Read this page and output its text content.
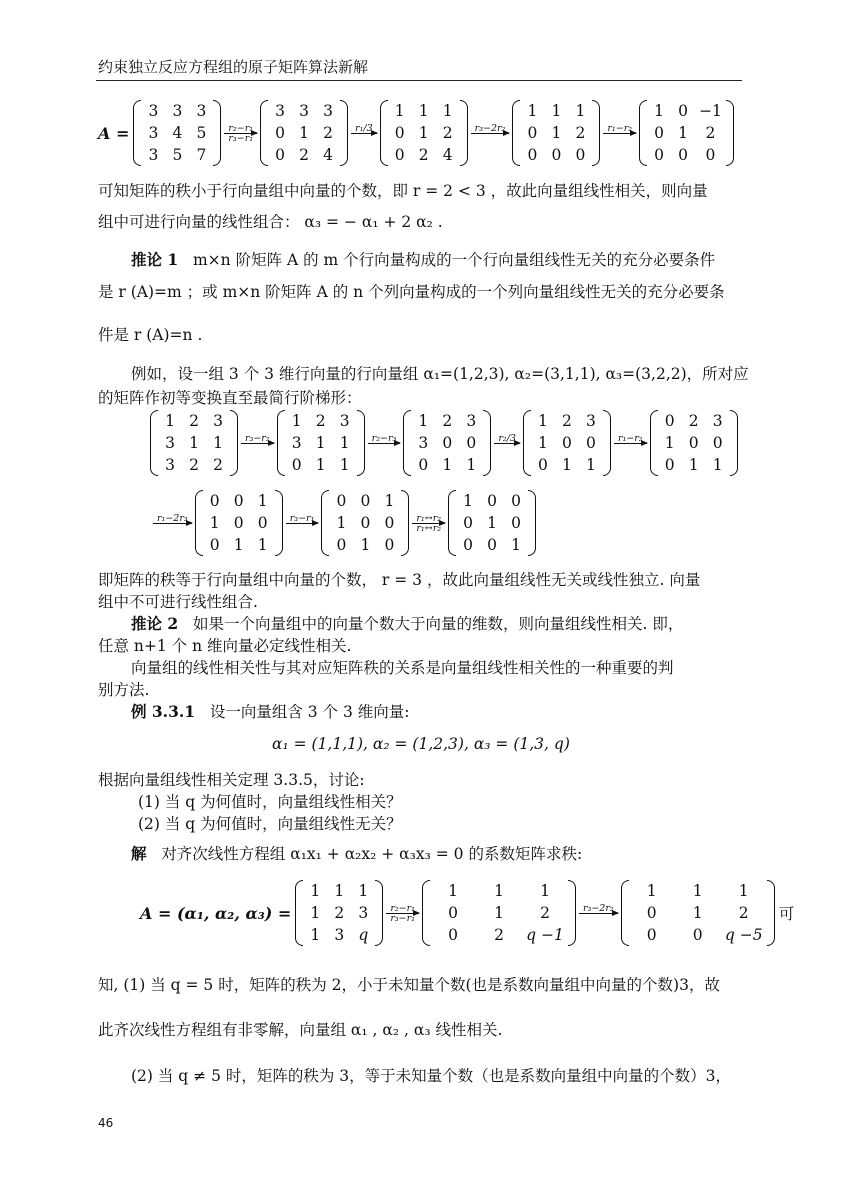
约束独立反应方程组的原子矩阵算法新解
A =
3	3	3
3	4	5
3	5	7
r₂−r₁
r₃−r₁
3	3	3
0	1	2
0	2	4
r₁/3

1	1	1
0	1	2
0	2	4
r₃−2r₂

1	1	1
0	1	2
0	0	0
r₁−r₂

1	0	−1
0	1	2
0	0	0
可知矩阵的秩小于行向量组中向量的个数，即 r = 2 < 3 ，故此向量组线性相关，则向量
组中可进行向量的线性组合： α₃ = − α₁ + 2 α₂ .
推论 1 m×n 阶矩阵 A 的 m 个行向量构成的一个行向量组线性无关的充分必要条件
是 r (A)=m ；或 m×n 阶矩阵 A 的 n 个列向量构成的一个列向量组线性无关的充分必要条
件是 r (A)=n .
例如，设一组 3 个 3 维行向量的行向量组 α₁=(1,2,3), α₂=(3,1,1), α₃=(3,2,2)，所对应
的矩阵作初等变换直至最简行阶梯形：
1	2	3
3	1	1
3	2	2
r₃−r₂

1	2	3
3	1	1
0	1	1
r₂−r₃

1	2	3
3	0	0
0	1	1
r₂/3

1	2	3
1	0	0
0	1	1
r₁−r₂

0	2	3
1	0	0
0	1	1
r₁−2r₃

0	0	1
1	0	0
0	1	1
r₃−r₁

0	0	1
1	0	0
0	1	0
r₁↔r₂
r₁↔r₂
1	0	0
0	1	0
0	0	1
即矩阵的秩等于行向量组中向量的个数， r = 3 ，故此向量组线性无关或线性独立. 向量
组中不可进行线性组合.
推论 2 如果一个向量组中的向量个数大于向量的维数，则向量组线性相关. 即，
任意 n+1 个 n 维向量必定线性相关.
向量组的线性相关性与其对应矩阵秩的关系是向量组线性相关性的一种重要的判
别方法.
例 3.3.1 设一向量组含 3 个 3 维向量:
α₁ = (1,1,1), α₂ = (1,2,3), α₃ = (1,3, q)
根据向量组线性相关定理 3.3.5，讨论:
(1) 当 q 为何值时，向量组线性相关？
(2) 当 q 为何值时，向量组线性无关？
解 对齐次线性方程组 α₁x₁ + α₂x₂ + α₃x₃ = 0 的系数矩阵求秩:
A = (α₁, α₂, α₃) =
1	1	1
1	2	3
1	3	q
r₂−r₁
r₃−r₁
1	1	1
0	1	2
0	2	q −1
r₃−2r₂

1	1	1
0	1	2
0	0	q −5
可
知, (1) 当 q = 5 时，矩阵的秩为 2，小于未知量个数(也是系数向量组中向量的个数)3，故
此齐次线性方程组有非零解，向量组 α₁ , α₂ , α₃ 线性相关.
(2) 当 q ≠ 5 时，矩阵的秩为 3，等于未知量个数（也是系数向量组中向量的个数）3，
46
